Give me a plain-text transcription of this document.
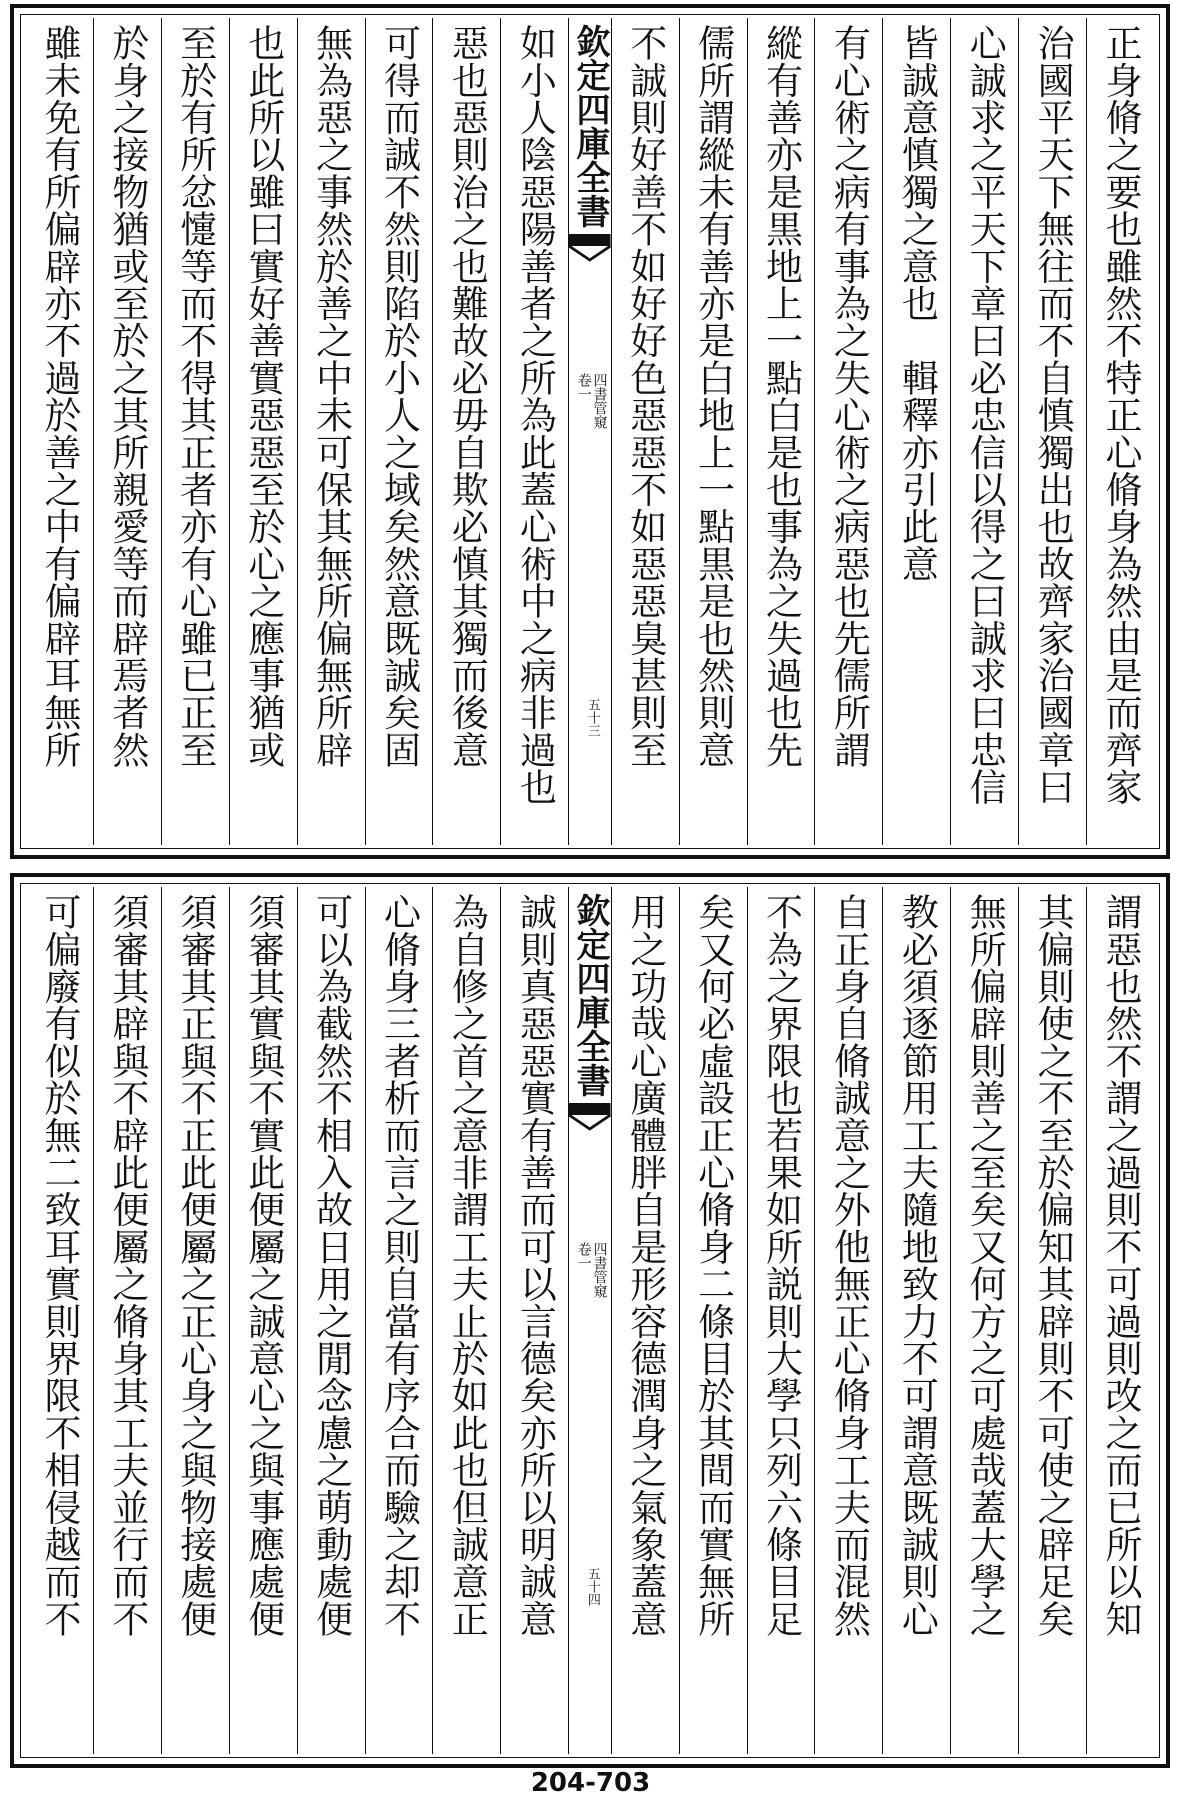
正身脩之要也雖然不特正心脩身為然由是而齊家
治國平天下無往而不自慎獨出也故齊家治國章曰
心誠求之平天下章曰必忠信以得之曰誠求曰忠信
皆誠意慎獨之意也　輯釋亦引此意
有心術之病有事為之失心術之病惡也先儒所謂
縱有善亦是黒地上一點白是也事為之失過也先
儒所謂縱未有善亦是白地上一點黒是也然則意
不誠則好善不如好好色惡惡不如惡惡臭甚則至
欽定四庫全書
四書管窺
卷一
五十三
如小人陰惡陽善者之所為此蓋心術中之病非過也
惡也惡則治之也難故必毋自欺必慎其獨而後意
可得而誠不然則陷於小人之域矣然意既誠矣固
無為惡之事然於善之中未可保其無所偏無所辟
也此所以雖曰實好善實惡惡至於心之應事猶或
至於有所忿懥等而不得其正者亦有心雖已正至
於身之接物猶或至於之其所親愛等而辟焉者然
雖未免有所偏辟亦不過於善之中有偏辟耳無所
謂惡也然不謂之過則不可過則改之而已所以知
其偏則使之不至於偏知其辟則不可使之辟足矣
無所偏辟則善之至矣又何方之可處哉蓋大學之
教必須逐節用工夫隨地致力不可謂意既誠則心
自正身自脩誠意之外他無正心脩身工夫而混然
不為之界限也若果如所説則大學只列六條目足
矣又何必虛設正心脩身二條目於其間而實無所
用之功哉心廣體胖自是形容德潤身之氣象蓋意
欽定四庫全書
四書管窺
卷一
五十四
誠則真惡惡實有善而可以言德矣亦所以明誠意
為自修之首之意非謂工夫止於如此也但誠意正
心脩身三者析而言之則自當有序合而驗之却不
可以為截然不相入故日用之閒念慮之萌動處便
須審其實與不實此便屬之誠意心之與事應處便
須審其正與不正此便屬之正心身之與物接處便
須審其辟與不辟此便屬之脩身其工夫並行而不
可偏廢有似於無二致耳實則界限不相侵越而不
204-703
